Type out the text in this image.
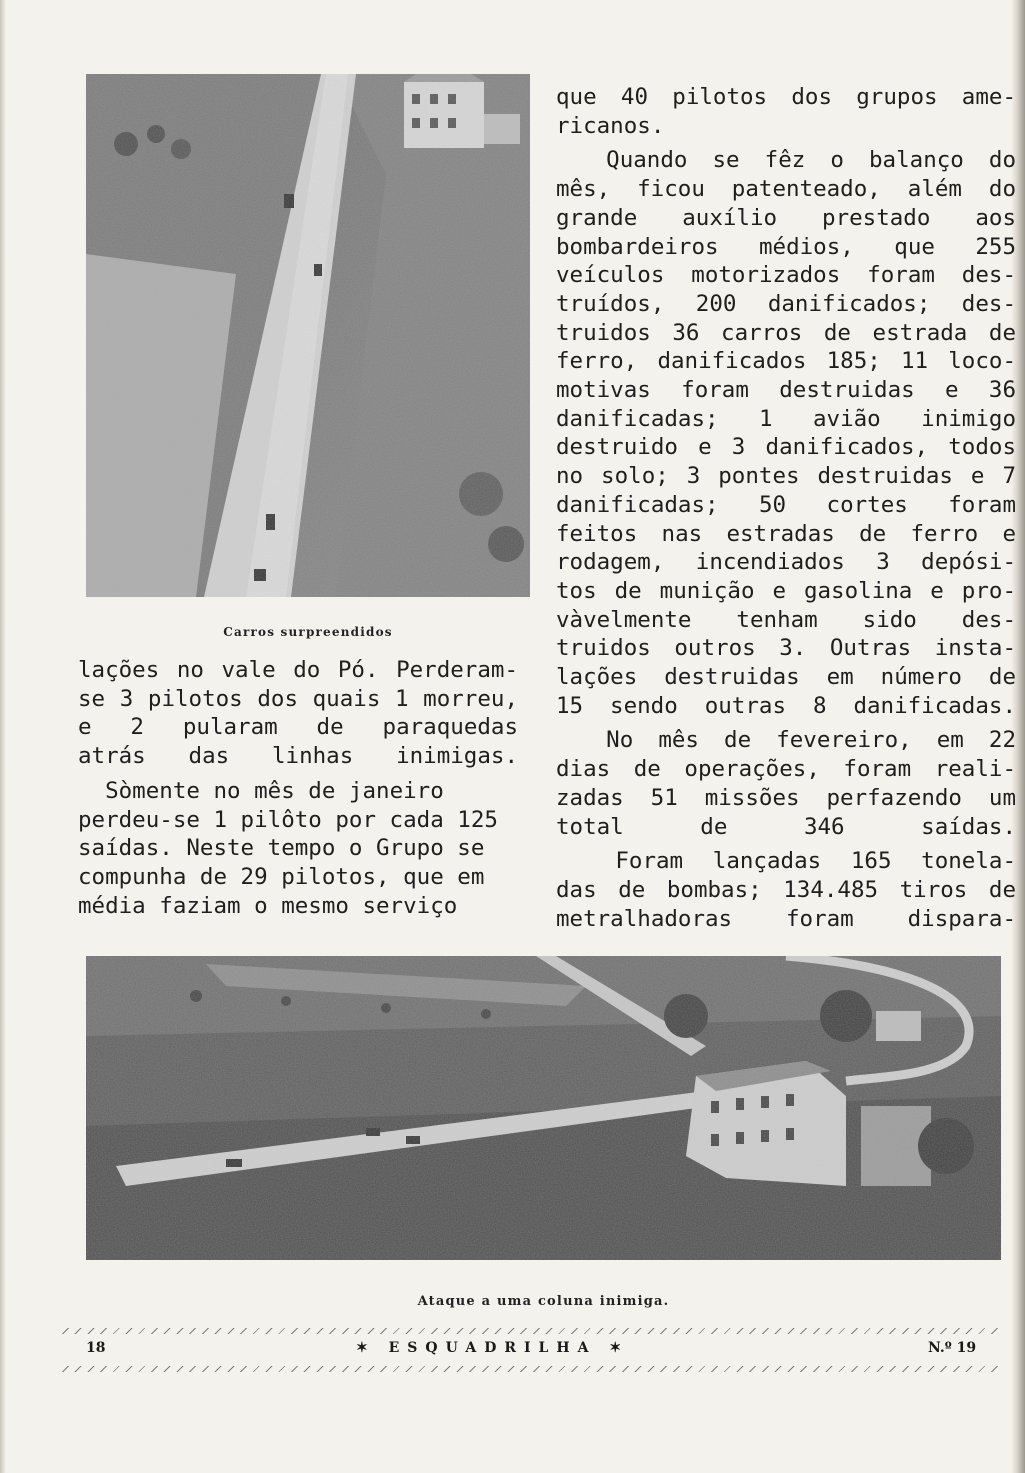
Carros surpreendidos

lações no vale do Pó. Perderam-
se 3 pilotos dos quais 1 morreu,
e 2 pularam de paraquedas
atrás das linhas inimigas.

Sòmente no mês de janeiro
perdeu-se 1 pilôto por cada 125
saídas. Neste tempo o Grupo se
compunha de 29 pilotos, que em
média faziam o mesmo serviço

que 40 pilotos dos grupos ame-
ricanos.

Quando se fêz o balanço do
mês, ficou patenteado, além do
grande auxílio prestado aos
bombardeiros médios, que 255
veículos motorizados foram des-
truídos, 200 danificados; des-
truidos 36 carros de estrada de
ferro, danificados 185; 11 loco-
motivas foram destruidas e 36
danificadas; 1 avião inimigo
destruido e 3 danificados, todos
no solo; 3 pontes destruidas e 7
danificadas; 50 cortes foram
feitos nas estradas de ferro e
rodagem, incendiados 3 depósi-
tos de munição e gasolina e pro-
vàvelmente tenham sido des-
truidos outros 3. Outras insta-
lações destruidas em número de
15 sendo outras 8 danificadas.

No mês de fevereiro, em 22
dias de operações, foram reali-
zadas 51 missões perfazendo um
total de 346 saídas.

Foram lançadas 165 tonela-
das de bombas; 134.485 tiros de
metralhadoras foram dispara-

Ataque a uma coluna inimiga.
18	✶ ESQUADRILHA ✶	N.º 19
